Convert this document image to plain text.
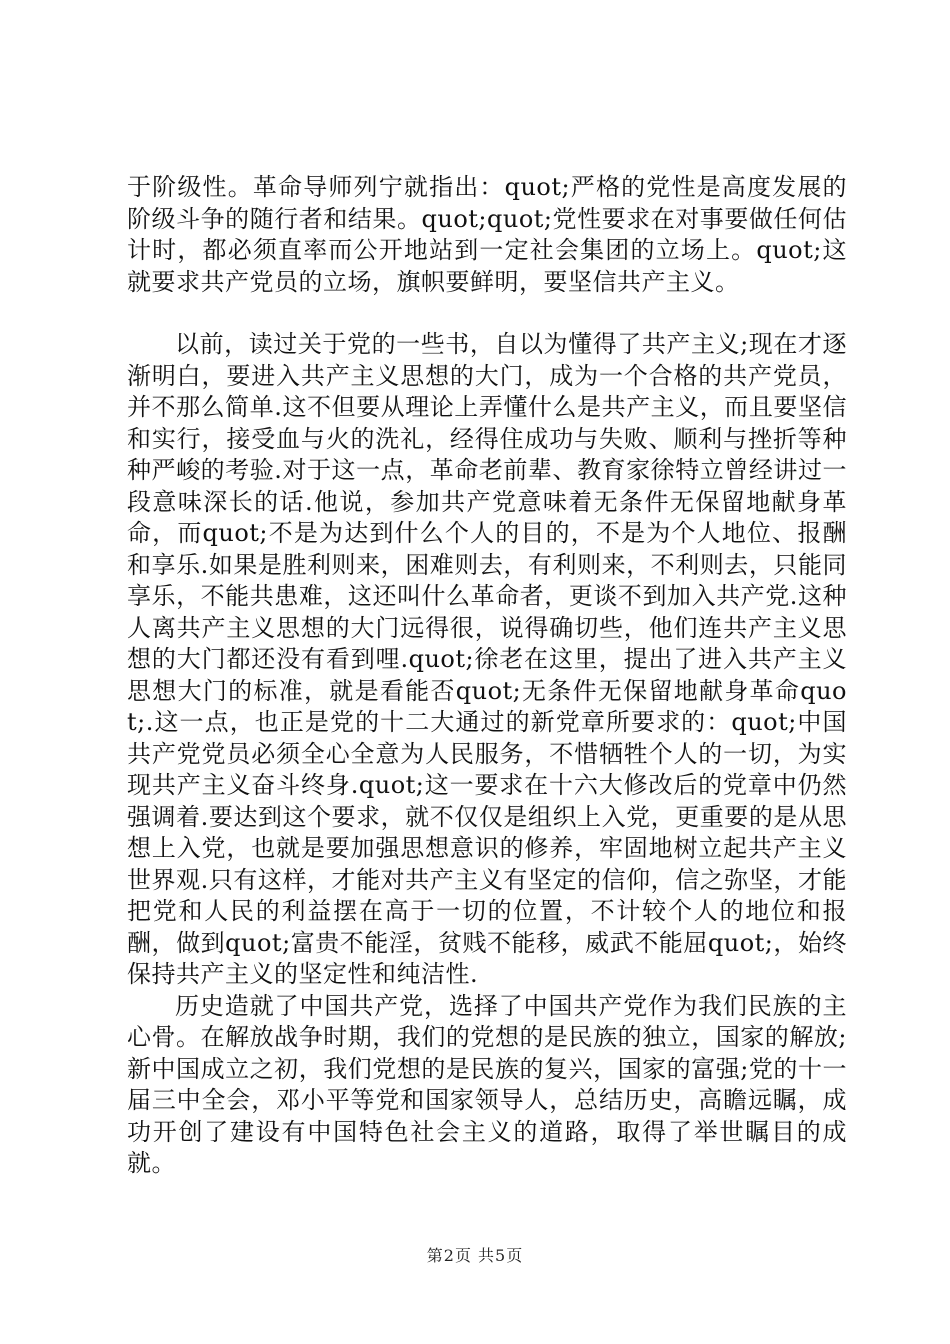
于阶级性。革命导师列宁就指出：quot;严格的党性是高度发展的阶级斗争的随行者和结果。quot;quot;党性要求在对事要做任何估计时，都必须直率而公开地站到一定社会集团的立场上。quot;这就要求共产党员的立场，旗帜要鲜明，要坚信共产主义。

以前，读过关于党的一些书，自以为懂得了共产主义;现在才逐渐明白，要进入共产主义思想的大门，成为一个合格的共产党员，并不那么简单.这不但要从理论上弄懂什么是共产主义，而且要坚信和实行，接受血与火的洗礼，经得住成功与失败、顺利与挫折等种种严峻的考验.对于这一点，革命老前辈、教育家徐特立曾经讲过一段意味深长的话.他说，参加共产党意味着无条件无保留地献身革命，而quot;不是为达到什么个人的目的，不是为个人地位、报酬和享乐.如果是胜利则来，困难则去，有利则来，不利则去，只能同享乐，不能共患难，这还叫什么革命者，更谈不到加入共产党.这种人离共产主义思想的大门远得很，说得确切些，他们连共产主义思想的大门都还没有看到哩.quot;徐老在这里，提出了进入共产主义思想大门的标准，就是看能否quot;无条件无保留地献身革命quot;.这一点，也正是党的十二大通过的新党章所要求的：quot;中国共产党党员必须全心全意为人民服务，不惜牺牲个人的一切，为实现共产主义奋斗终身.quot;这一要求在十六大修改后的党章中仍然强调着.要达到这个要求，就不仅仅是组织上入党，更重要的是从思想上入党，也就是要加强思想意识的修养，牢固地树立起共产主义世界观.只有这样，才能对共产主义有坚定的信仰，信之弥坚，才能把党和人民的利益摆在高于一切的位置，不计较个人的地位和报酬，做到quot;富贵不能淫，贫贱不能移，威武不能屈quot;，始终保持共产主义的坚定性和纯洁性.

历史造就了中国共产党，选择了中国共产党作为我们民族的主心骨。在解放战争时期，我们的党想的是民族的独立，国家的解放;新中国成立之初，我们党想的是民族的复兴，国家的富强;党的十一届三中全会，邓小平等党和国家领导人，总结历史，高瞻远瞩，成功开创了建设有中国特色社会主义的道路，取得了举世瞩目的成就。

第2页 共5页
